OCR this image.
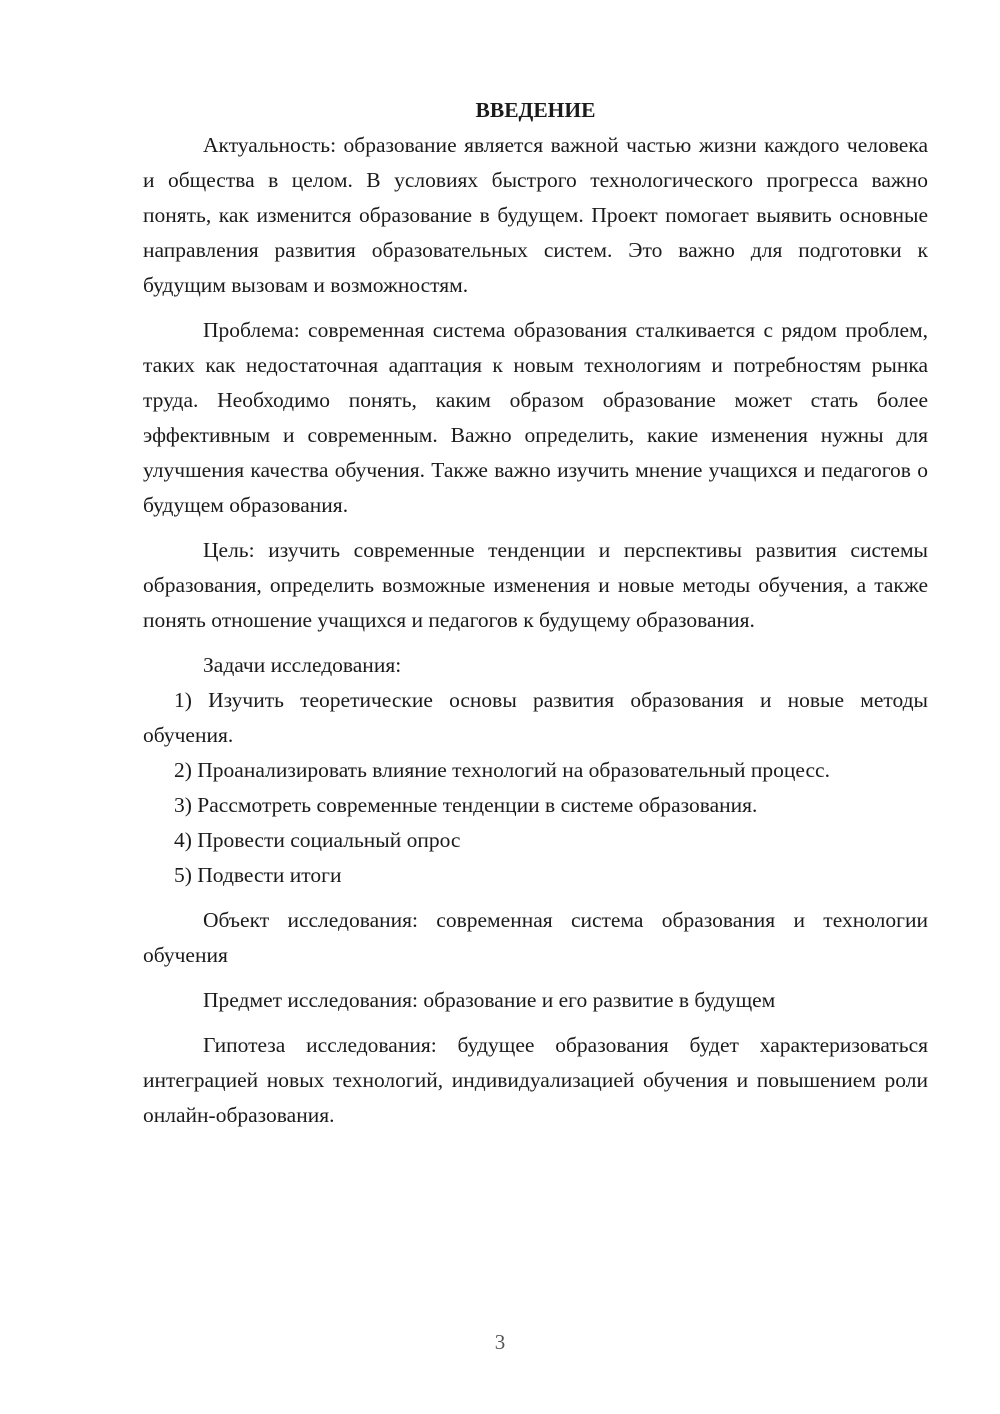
ВВЕДЕНИЕ

Актуальность: образование является важной частью жизни каждого человека и общества в целом. В условиях быстрого технологического прогресса важно понять, как изменится образование в будущем. Проект помогает выявить основные направления развития образовательных систем. Это важно для подготовки к будущим вызовам и возможностям.

Проблема: современная система образования сталкивается с рядом проблем, таких как недостаточная адаптация к новым технологиям и потребностям рынка труда. Необходимо понять, каким образом образование может стать более эффективным и современным. Важно определить, какие изменения нужны для улучшения качества обучения. Также важно изучить мнение учащихся и педагогов о будущем образования.

Цель: изучить современные тенденции и перспективы развития системы образования, определить возможные изменения и новые методы обучения, а также понять отношение учащихся и педагогов к будущему образования.

Задачи исследования:

1) Изучить теоретические основы развития образования и новые методы обучения.

2) Проанализировать влияние технологий на образовательный процесс.

3) Рассмотреть современные тенденции в системе образования.

4) Провести социальный опрос

5) Подвести итоги

Объект исследования: современная система образования и технологии обучения

Предмет исследования: образование и его развитие в будущем

Гипотеза исследования: будущее образования будет характеризоваться интеграцией новых технологий, индивидуализацией обучения и повышением роли онлайн-образования.

3
